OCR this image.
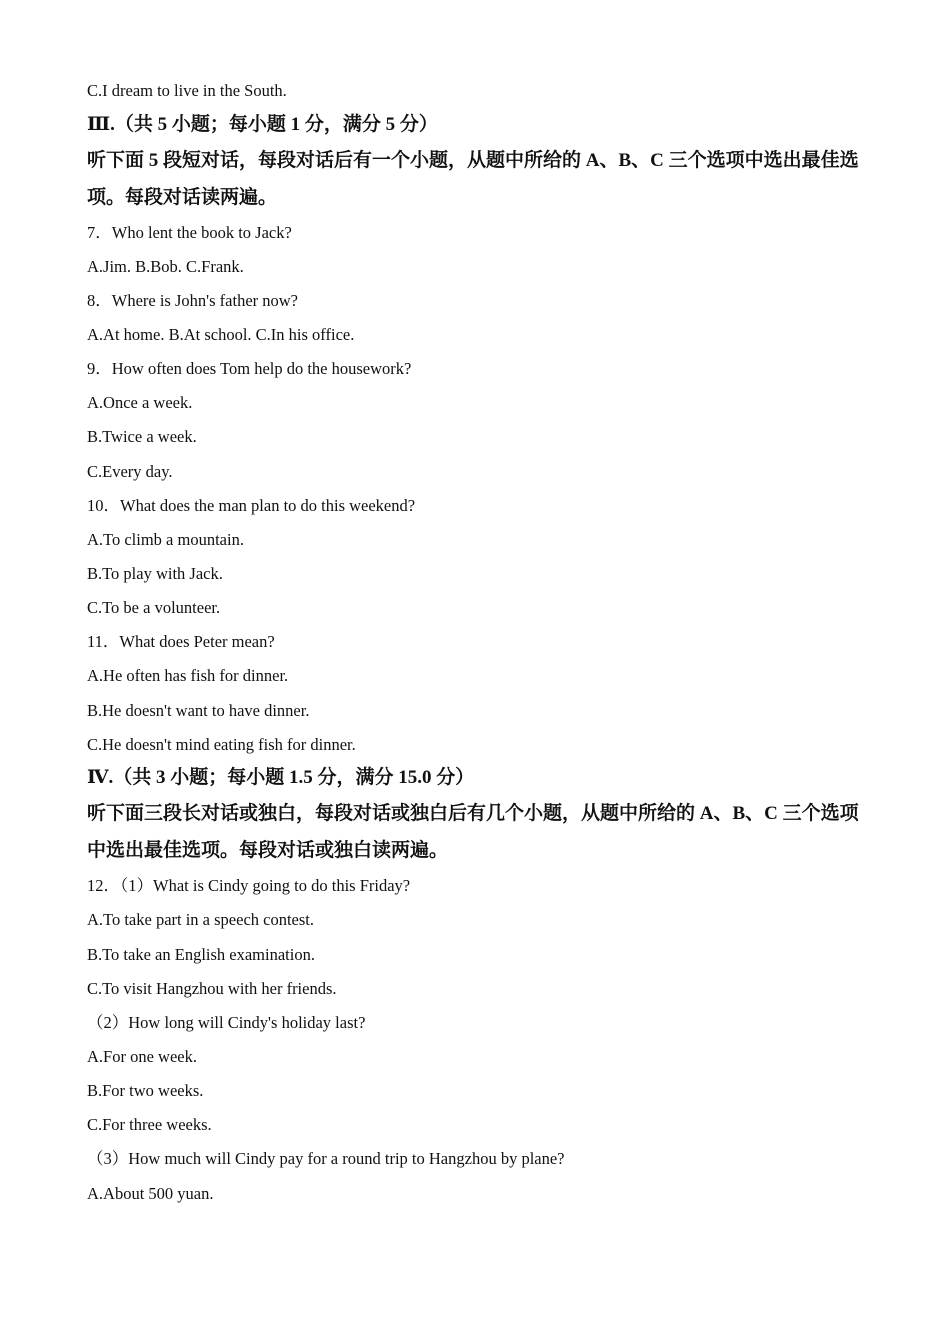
C.I dream to live in the South.
Ⅲ.（共 5 小题；每小题 1 分，满分 5 分）
听下面 5 段短对话，每段对话后有一个小题，从题中所给的 A、B、C 三个选项中选出最佳选
项。每段对话读两遍。
7．Who lent the book to Jack?
A.Jim. B.Bob. C.Frank.
8．Where is John's father now?
A.At home. B.At school. C.In his office.
9．How often does Tom help do the housework?
A.Once a week.
B.Twice a week.
C.Every day.
10．What does the man plan to do this weekend?
A.To climb a mountain.
B.To play with Jack.
C.To be a volunteer.
11．What does Peter mean?
A.He often has fish for dinner.
B.He doesn't want to have dinner.
C.He doesn't mind eating fish for dinner.
Ⅳ.（共 3 小题；每小题 1.5 分，满分 15.0 分）
听下面三段长对话或独白，每段对话或独白后有几个小题，从题中所给的 A、B、C 三个选项
中选出最佳选项。每段对话或独白读两遍。
12．（1）What is Cindy going to do this Friday?
A.To take part in a speech contest.
B.To take an English examination.
C.To visit Hangzhou with her friends.
（2）How long will Cindy's holiday last?
A.For one week.
B.For two weeks.
C.For three weeks.
（3）How much will Cindy pay for a round trip to Hangzhou by plane?
A.About 500 yuan.
